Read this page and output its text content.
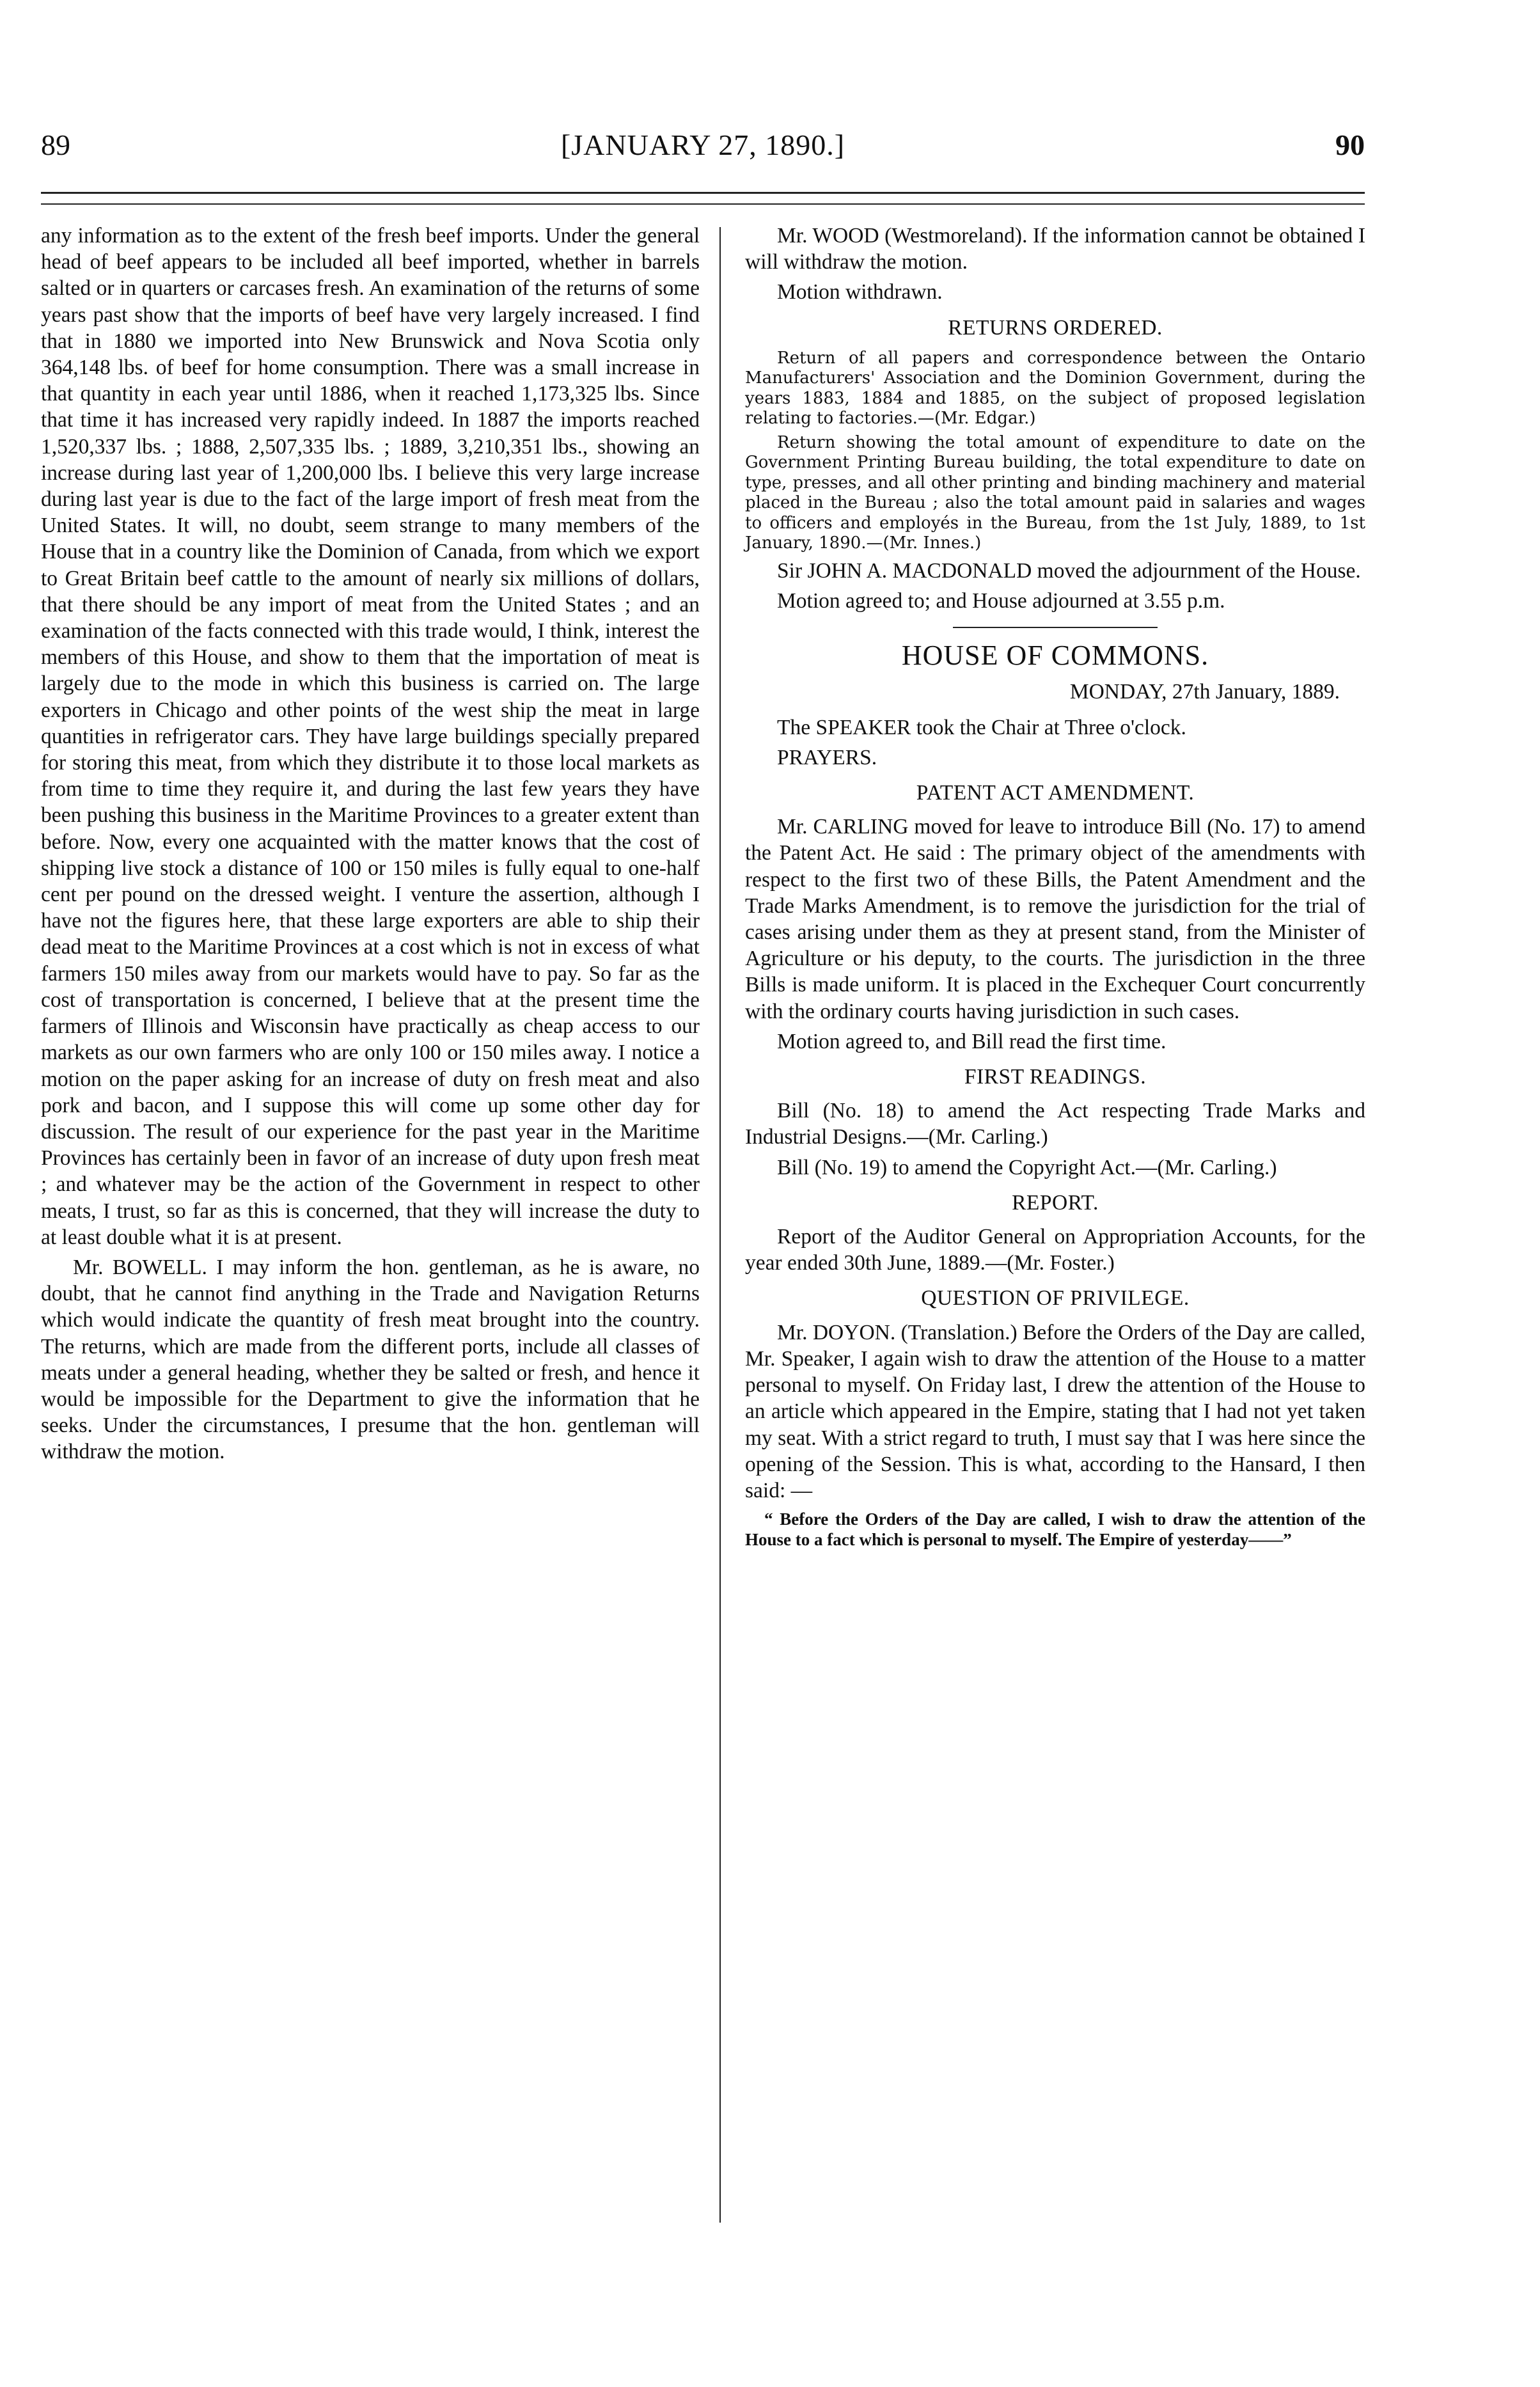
89	[JANUARY 27, 1890.]	90

any information as to the extent of the fresh beef imports. Under the general head of beef appears to be included all beef imported, whether in barrels salted or in quarters or carcases fresh. An examination of the returns of some years past show that the imports of beef have very largely increased. I find that in 1880 we imported into New Brunswick and Nova Scotia only 364,148 lbs. of beef for home consumption. There was a small increase in that quantity in each year until 1886, when it reached 1,173,325 lbs. Since that time it has increased very rapidly indeed. In 1887 the imports reached 1,520,337 lbs. ; 1888, 2,507,335 lbs. ; 1889, 3,210,351 lbs., showing an increase during last year of 1,200,000 lbs. I believe this very large increase during last year is due to the fact of the large import of fresh meat from the United States. It will, no doubt, seem strange to many members of the House that in a country like the Dominion of Canada, from which we export to Great Britain beef cattle to the amount of nearly six millions of dollars, that there should be any import of meat from the United States ; and an examination of the facts connected with this trade would, I think, interest the members of this House, and show to them that the importation of meat is largely due to the mode in which this business is carried on. The large exporters in Chicago and other points of the west ship the meat in large quantities in refrigerator cars. They have large buildings specially prepared for storing this meat, from which they distribute it to those local markets as from time to time they require it, and during the last few years they have been pushing this business in the Maritime Provinces to a greater extent than before. Now, every one acquainted with the matter knows that the cost of shipping live stock a distance of 100 or 150 miles is fully equal to one-half cent per pound on the dressed weight. I venture the assertion, although I have not the figures here, that these large exporters are able to ship their dead meat to the Maritime Provinces at a cost which is not in excess of what farmers 150 miles away from our markets would have to pay. So far as the cost of transportation is concerned, I believe that at the present time the farmers of Illinois and Wisconsin have practically as cheap access to our markets as our own farmers who are only 100 or 150 miles away. I notice a motion on the paper asking for an increase of duty on fresh meat and also pork and bacon, and I suppose this will come up some other day for discussion. The result of our experience for the past year in the Maritime Provinces has certainly been in favor of an increase of duty upon fresh meat ; and whatever may be the action of the Government in respect to other meats, I trust, so far as this is concerned, that they will increase the duty to at least double what it is at present.

Mr. BOWELL. I may inform the hon. gentleman, as he is aware, no doubt, that he cannot find anything in the Trade and Navigation Returns which would indicate the quantity of fresh meat brought into the country. The returns, which are made from the different ports, include all classes of meats under a general heading, whether they be salted or fresh, and hence it would be impossible for the Department to give the information that he seeks. Under the circumstances, I presume that the hon. gentleman will withdraw the motion.

Mr. WOOD (Westmoreland). If the information cannot be obtained I will withdraw the motion.

Motion withdrawn.

RETURNS ORDERED.

Return of all papers and correspondence between the Ontario Manufacturers' Association and the Dominion Government, during the years 1883, 1884 and 1885, on the subject of proposed legislation relating to factories.—(Mr. Edgar.)

Return showing the total amount of expenditure to date on the Government Printing Bureau building, the total expenditure to date on type, presses, and all other printing and binding machinery and material placed in the Bureau ; also the total amount paid in salaries and wages to officers and employés in the Bureau, from the 1st July, 1889, to 1st January, 1890.—(Mr. Innes.)

Sir JOHN A. MACDONALD moved the adjournment of the House.

Motion agreed to; and House adjourned at 3.55 p.m.

HOUSE OF COMMONS.

MONDAY, 27th January, 1889.

The SPEAKER took the Chair at Three o'clock.

PRAYERS.

PATENT ACT AMENDMENT.

Mr. CARLING moved for leave to introduce Bill (No. 17) to amend the Patent Act. He said : The primary object of the amendments with respect to the first two of these Bills, the Patent Amendment and the Trade Marks Amendment, is to remove the jurisdiction for the trial of cases arising under them as they at present stand, from the Minister of Agriculture or his deputy, to the courts. The jurisdiction in the three Bills is made uniform. It is placed in the Exchequer Court concurrently with the ordinary courts having jurisdiction in such cases.

Motion agreed to, and Bill read the first time.

FIRST READINGS.

Bill (No. 18) to amend the Act respecting Trade Marks and Industrial Designs.—(Mr. Carling.)

Bill (No. 19) to amend the Copyright Act.—(Mr. Carling.)

REPORT.

Report of the Auditor General on Appropriation Accounts, for the year ended 30th June, 1889.—(Mr. Foster.)

QUESTION OF PRIVILEGE.

Mr. DOYON. (Translation.) Before the Orders of the Day are called, Mr. Speaker, I again wish to draw the attention of the House to a matter personal to myself. On Friday last, I drew the attention of the House to an article which appeared in the Empire, stating that I had not yet taken my seat. With a strict regard to truth, I must say that I was here since the opening of the Session. This is what, according to the Hansard, I then said: —

“ Before the Orders of the Day are called, I wish to draw the attention of the House to a fact which is personal to myself. The Empire of yesterday——”
